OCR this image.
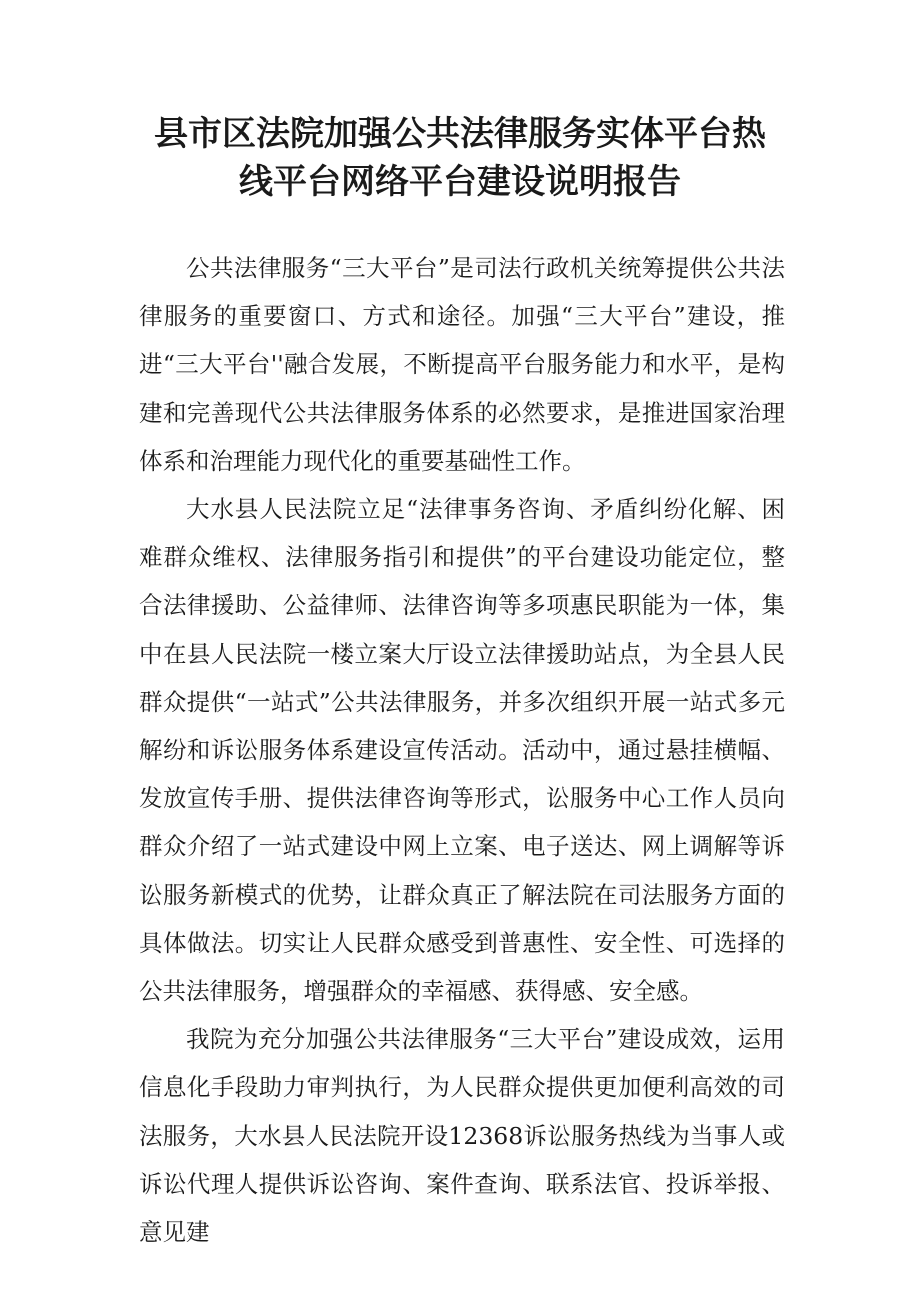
县市区法院加强公共法律服务实体平台热
线平台网络平台建设说明报告

公共法律服务“三大平台”是司法行政机关统筹提供公共法律服务的重要窗口、方式和途径。加强“三大平台”建设，推进“三大平台''融合发展，不断提高平台服务能力和水平，是构建和完善现代公共法律服务体系的必然要求，是推进国家治理体系和治理能力现代化的重要基础性工作。

大水县人民法院立足“法律事务咨询、矛盾纠纷化解、困难群众维权、法律服务指引和提供”的平台建设功能定位，整合法律援助、公益律师、法律咨询等多项惠民职能为一体，集中在县人民法院一楼立案大厅设立法律援助站点，为全县人民群众提供“一站式”公共法律服务，并多次组织开展一站式多元解纷和诉讼服务体系建设宣传活动。活动中，通过悬挂横幅、发放宣传手册、提供法律咨询等形式，讼服务中心工作人员向群众介绍了一站式建设中网上立案、电子送达、网上调解等诉讼服务新模式的优势，让群众真正了解法院在司法服务方面的具体做法。切实让人民群众感受到普惠性、安全性、可选择的公共法律服务，增强群众的幸福感、获得感、安全感。

我院为充分加强公共法律服务“三大平台”建设成效，运用信息化手段助力审判执行，为人民群众提供更加便利高效的司法服务，大水县人民法院开设12368诉讼服务热线为当事人或诉讼代理人提供诉讼咨询、案件查询、联系法官、投诉举报、意见建
